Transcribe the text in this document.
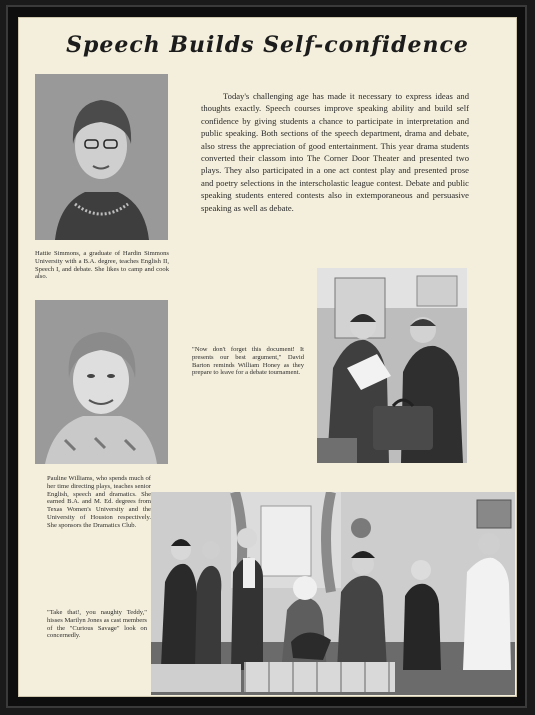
Speech Builds Self-confidence
Hattie Simmons, a graduate of Hardin Simmons University with a B.A. degree, teaches English II, Speech I, and debate. She likes to camp and cook also.
Today's challenging age has made it necessary to express ideas and thoughts exactly. Speech courses improve speaking ability and build self confidence by giving students a chance to participate in interpretation and public speaking. Both sections of the speech department, drama and debate, also stress the appreciation of good entertainment. This year drama students converted their classom into The Corner Door Theater and presented two plays. They also participated in a one act contest play and presented prose and poetry selections in the interscholastic league contest. Debate and public speaking students entered contests also in extemporaneous and persuasive speaking as well as debate.
Pauline Williams, who spends much of her time directing plays, teaches senior English, speech and dramatics. She earned B.A. and M. Ed. degrees from Texas Women's University and the University of Houston respectively. She sponsors the Dramatics Club.
"Now don't forget this document! It presents our best argument," David Barton reminds William Honey as they prepare to leave for a debate tournament.
"Take that!, you naughty Teddy," hisses Marilyn Jones as cast members of the "Curious Savage" look on concernedly.
